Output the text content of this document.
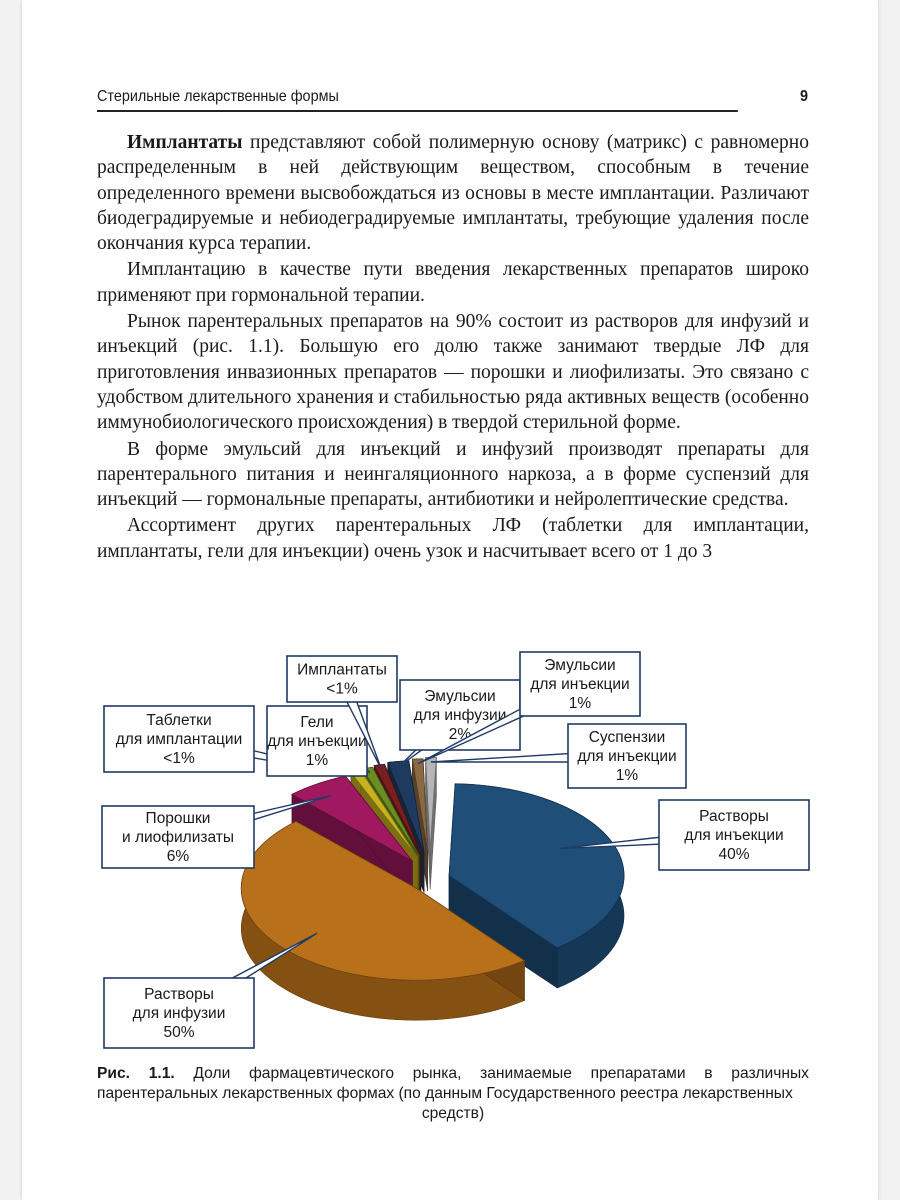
Стерильные лекарственные формы	9

Имплантаты представляют собой полимерную основу (матрикс) с равномерно распределенным в ней действующим веществом, способным в течение определенного времени высвобождаться из основы в месте имплантации. Различают биодеградируемые и небиодеградируемые имплантаты, требующие удаления после окончания курса терапии.

Имплантацию в качестве пути введения лекарственных препаратов широко применяют при гормональной терапии.

Рынок парентеральных препаратов на 90% состоит из растворов для инфузий и инъекций (рис. 1.1). Большую его долю также занимают твердые ЛФ для приготовления инвазионных препаратов — порошки и лиофилизаты. Это связано с удобством длительного хранения и стабильностью ряда активных веществ (особенно иммунобиологического происхождения) в твердой стерильной форме.

В форме эмульсий для инъекций и инфузий производят препараты для парентерального питания и неингаляционного наркоза, а в форме суспензий для инъекций — гормональные препараты, антибиотики и нейролептические средства.

Ассортимент других парентеральных ЛФ (таблетки для имплантации, имплантаты, гели для инъекции) очень узок и насчитывает всего от 1 до 3

Растворы
для инъекции
40%
Растворы
для инфузии
50%
Порошки
и лиофилизаты
6%
Таблетки
для имплантации
<1%
Гели
для инъекции
1%
Имплантаты
<1%	Эмульсии
для инфузии
2%
Эмульсии
для инъекции
1%
Суспензии
для инъекции
1%
Рис. 1.1. Доли фармацевтического рынка, занимаемые препаратами в различных парентеральных лекарственных формах (по данным Государственного реестра лекарственных
средств)
